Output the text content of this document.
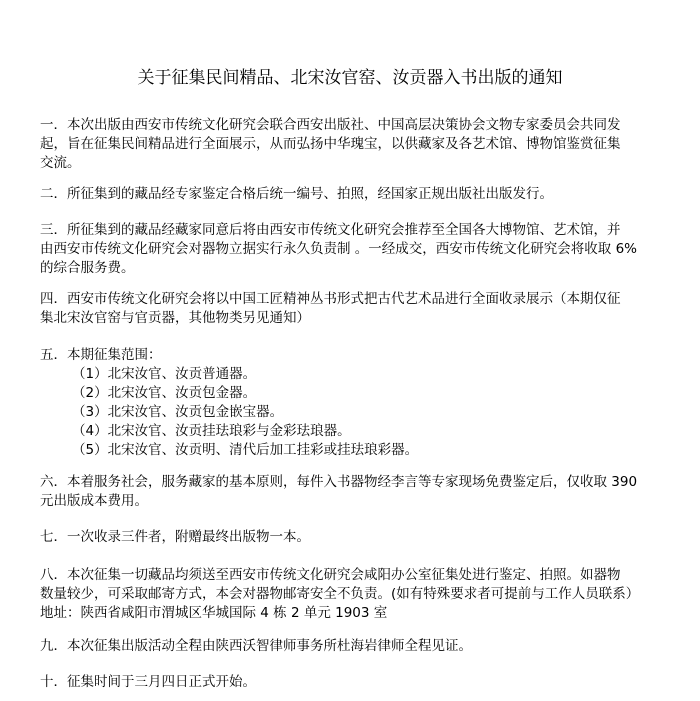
关于征集民间精品、北宋汝官窑、汝贡器入书出版的通知
一．本次出版由西安市传统文化研究会联合西安出版社、中国高层决策协会文物专家委员会共同发
起，旨在征集民间精品进行全面展示，从而弘扬中华瑰宝，以供藏家及各艺术馆、博物馆鉴赏征集
交流。
二．所征集到的藏品经专家鉴定合格后统一编号、拍照，经国家正规出版社出版发行。
三．所征集到的藏品经藏家同意后将由西安市传统文化研究会推荐至全国各大博物馆、艺术馆，并
由西安市传统文化研究会对器物立据实行永久负责制 。一经成交，西安市传统文化研究会将收取 6%
的综合服务费。
四．西安市传统文化研究会将以中国工匠精神丛书形式把古代艺术品进行全面收录展示（本期仅征
集北宋汝官窑与官贡器，其他物类另见通知）
五．本期征集范围：
（1）北宋汝官、汝贡普通器。
（2）北宋汝官、汝贡包金器。
（3）北宋汝官、汝贡包金嵌宝器。
（4）北宋汝官、汝贡挂珐琅彩与金彩珐琅器。
（5）北宋汝官、汝贡明、清代后加工挂彩或挂珐琅彩器。
六．本着服务社会，服务藏家的基本原则，每件入书器物经李言等专家现场免费鉴定后，仅收取 390
元出版成本费用。
七．一次收录三件者，附赠最终出版物一本。
八．本次征集一切藏品均须送至西安市传统文化研究会咸阳办公室征集处进行鉴定、拍照。如器物
数量较少，可采取邮寄方式，本会对器物邮寄安全不负责。(如有特殊要求者可提前与工作人员联系）
地址：陕西省咸阳市渭城区华城国际 4 栋 2 单元 1903 室
九．本次征集出版活动全程由陕西沃智律师事务所杜海岩律师全程见证。
十．征集时间于三月四日正式开始。
